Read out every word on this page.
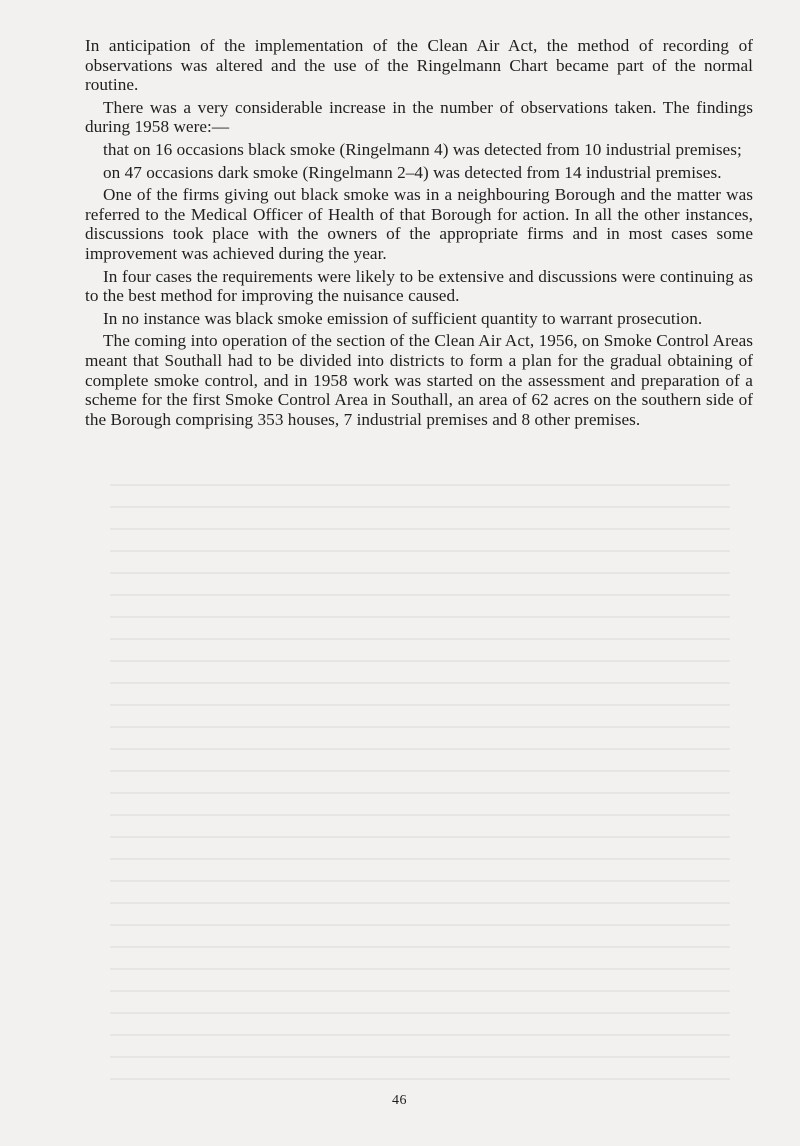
In anticipation of the implementation of the Clean Air Act, the method of recording of observations was altered and the use of the Ringelmann Chart became part of the normal routine.

There was a very considerable increase in the number of observations taken. The findings during 1958 were:—

that on 16 occasions black smoke (Ringelmann 4) was detected from 10 industrial premises;

on 47 occasions dark smoke (Ringelmann 2–4) was detected from 14 industrial premises.

One of the firms giving out black smoke was in a neighbouring Borough and the matter was referred to the Medical Officer of Health of that Borough for action. In all the other instances, discussions took place with the owners of the appropriate firms and in most cases some improvement was achieved during the year.

In four cases the requirements were likely to be extensive and discussions were continuing as to the best method for improving the nuisance caused.

In no instance was black smoke emission of sufficient quantity to warrant prosecution.

The coming into operation of the section of the Clean Air Act, 1956, on Smoke Control Areas meant that Southall had to be divided into districts to form a plan for the gradual obtaining of complete smoke control, and in 1958 work was started on the assessment and preparation of a scheme for the first Smoke Control Area in Southall, an area of 62 acres on the southern side of the Borough comprising 353 houses, 7 industrial premises and 8 other premises.

46
